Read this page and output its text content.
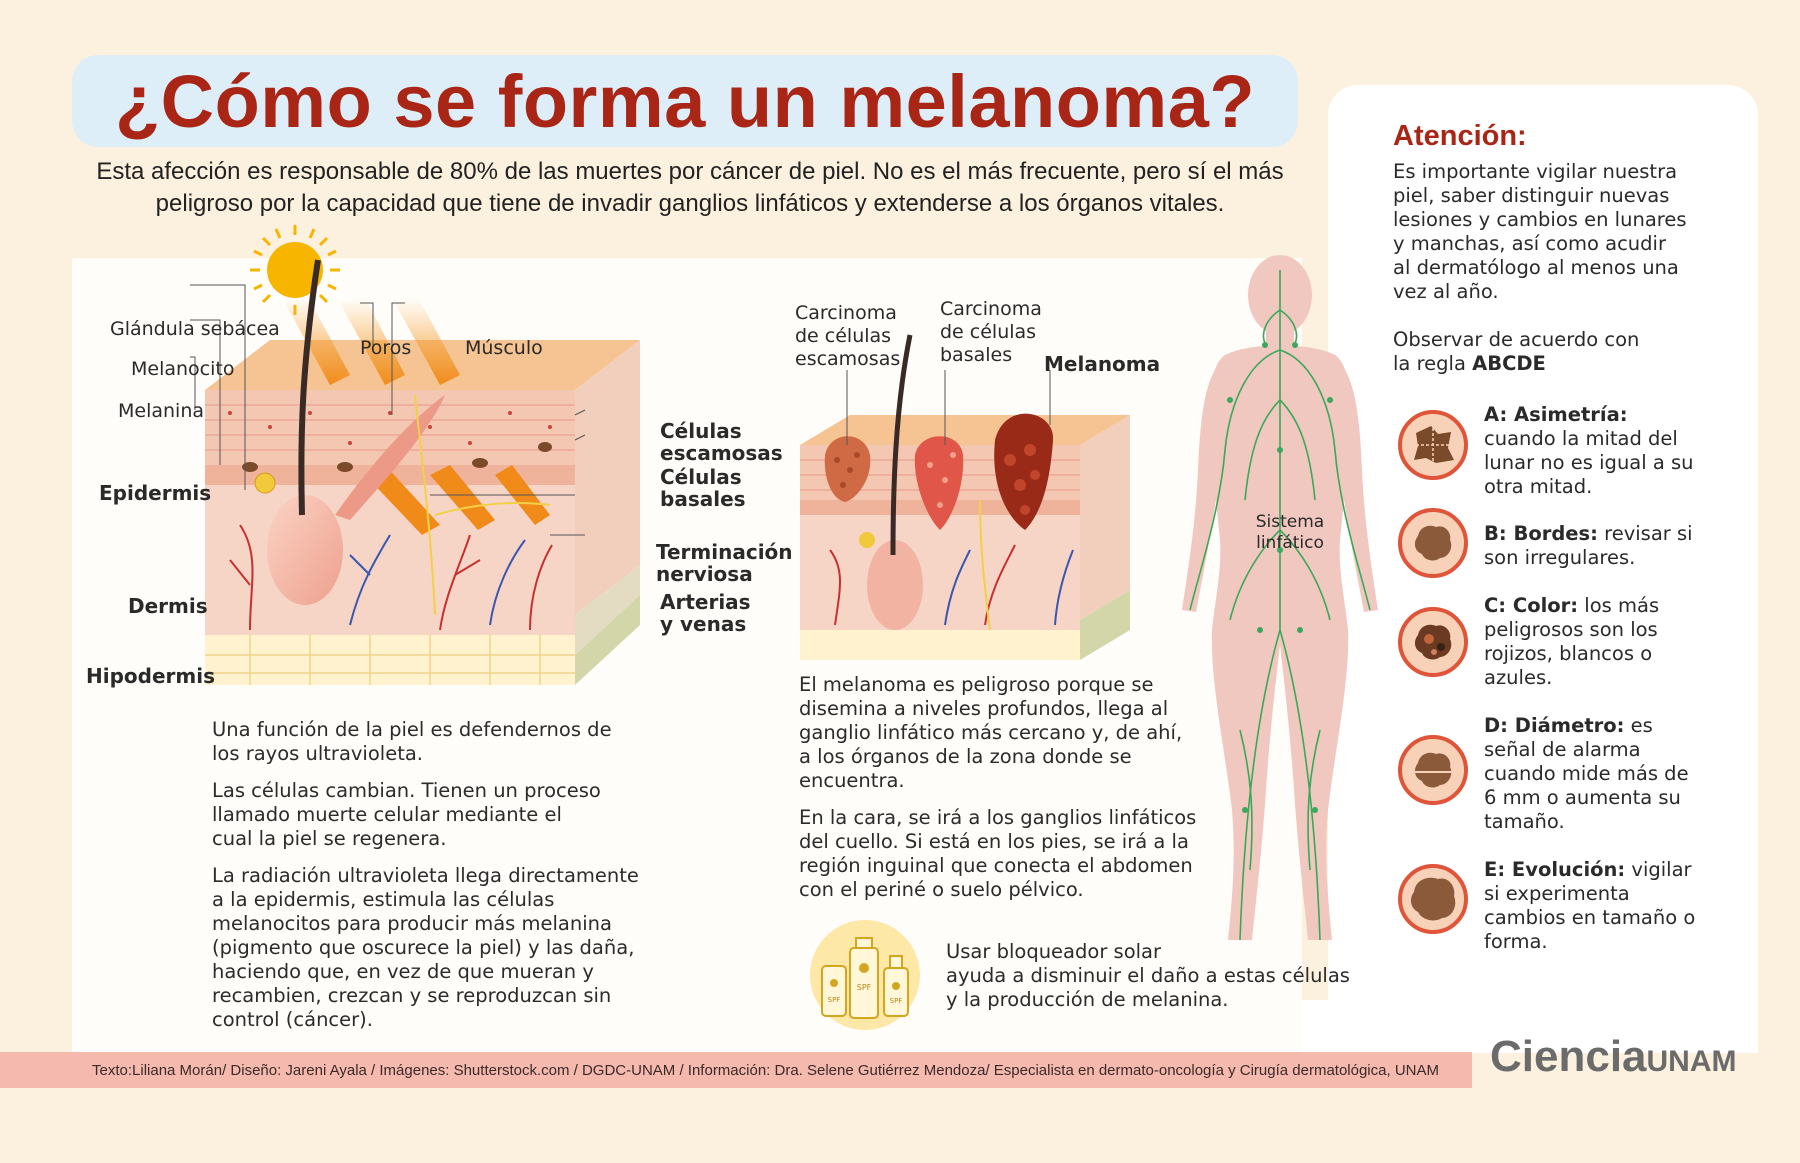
¿Cómo se forma un melanoma?
Esta afección es responsable de 80% de las muertes por cáncer de piel. No es el más frecuente, pero sí el más
peligroso por la capacidad que tiene de invadir ganglios linfáticos y extenderse a los órganos vitales.
Glándula sebácea
Melanocito
Melanina
Poros	Músculo
Epidermis
Dermis
Hipodermis
Células
escamosas
Células
basales
Terminación
nerviosa
Arterias
y venas

Una función de la piel es defendernos de
los rayos ultravioleta.

Las células cambian. Tienen un proceso
llamado muerte celular mediante el
cual la piel se regenera.

La radiación ultravioleta llega directamente
a la epidermis, estimula las células
melanocitos para producir más melanina
(pigmento que oscurece la piel) y las daña,
haciendo que, en vez de que mueran y
recambien, crezcan y se reproduzcan sin
control (cáncer).

Carcinoma
de células
escamosas
Carcinoma
de células
basales	Melanoma

El melanoma es peligroso porque se
disemina a niveles profundos, llega al
ganglio linfático más cercano y, de ahí,
a los órganos de la zona donde se
encuentra.

En la cara, se irá a los ganglios linfáticos
del cuello. Si está en los pies, se irá a la
región inguinal que conecta el abdomen
con el periné o suelo pélvico.

SPF
SPF
SPF
Usar bloqueador solar
ayuda a disminuir el daño a estas células
y la producción de melanina.
Sistema
linfático
Atención:
Es importante vigilar nuestra
piel, saber distinguir nuevas
lesiones y cambios en lunares
y manchas, así como acudir
al dermatólogo al menos una
vez al año.
Observar de acuerdo con
la regla ABCDE
A: Asimetría: cuando la mitad del lunar no es igual a su otra mitad.
B: Bordes: revisar si son irregulares.
C: Color: los más peligrosos son los rojizos, blancos o azules.
D: Diámetro: es señal de alarma cuando mide más de 6 mm o aumenta su tamaño.
E: Evolución: vigilar si experimenta cambios en tamaño o forma.
Texto:Liliana Morán/ Diseño: Jareni Ayala / Imágenes: Shutterstock.com / DGDC-UNAM / Información: Dra. Selene Gutiérrez Mendoza/ Especialista en dermato-oncología y Cirugía dermatológica, UNAM CienciaUNAM
